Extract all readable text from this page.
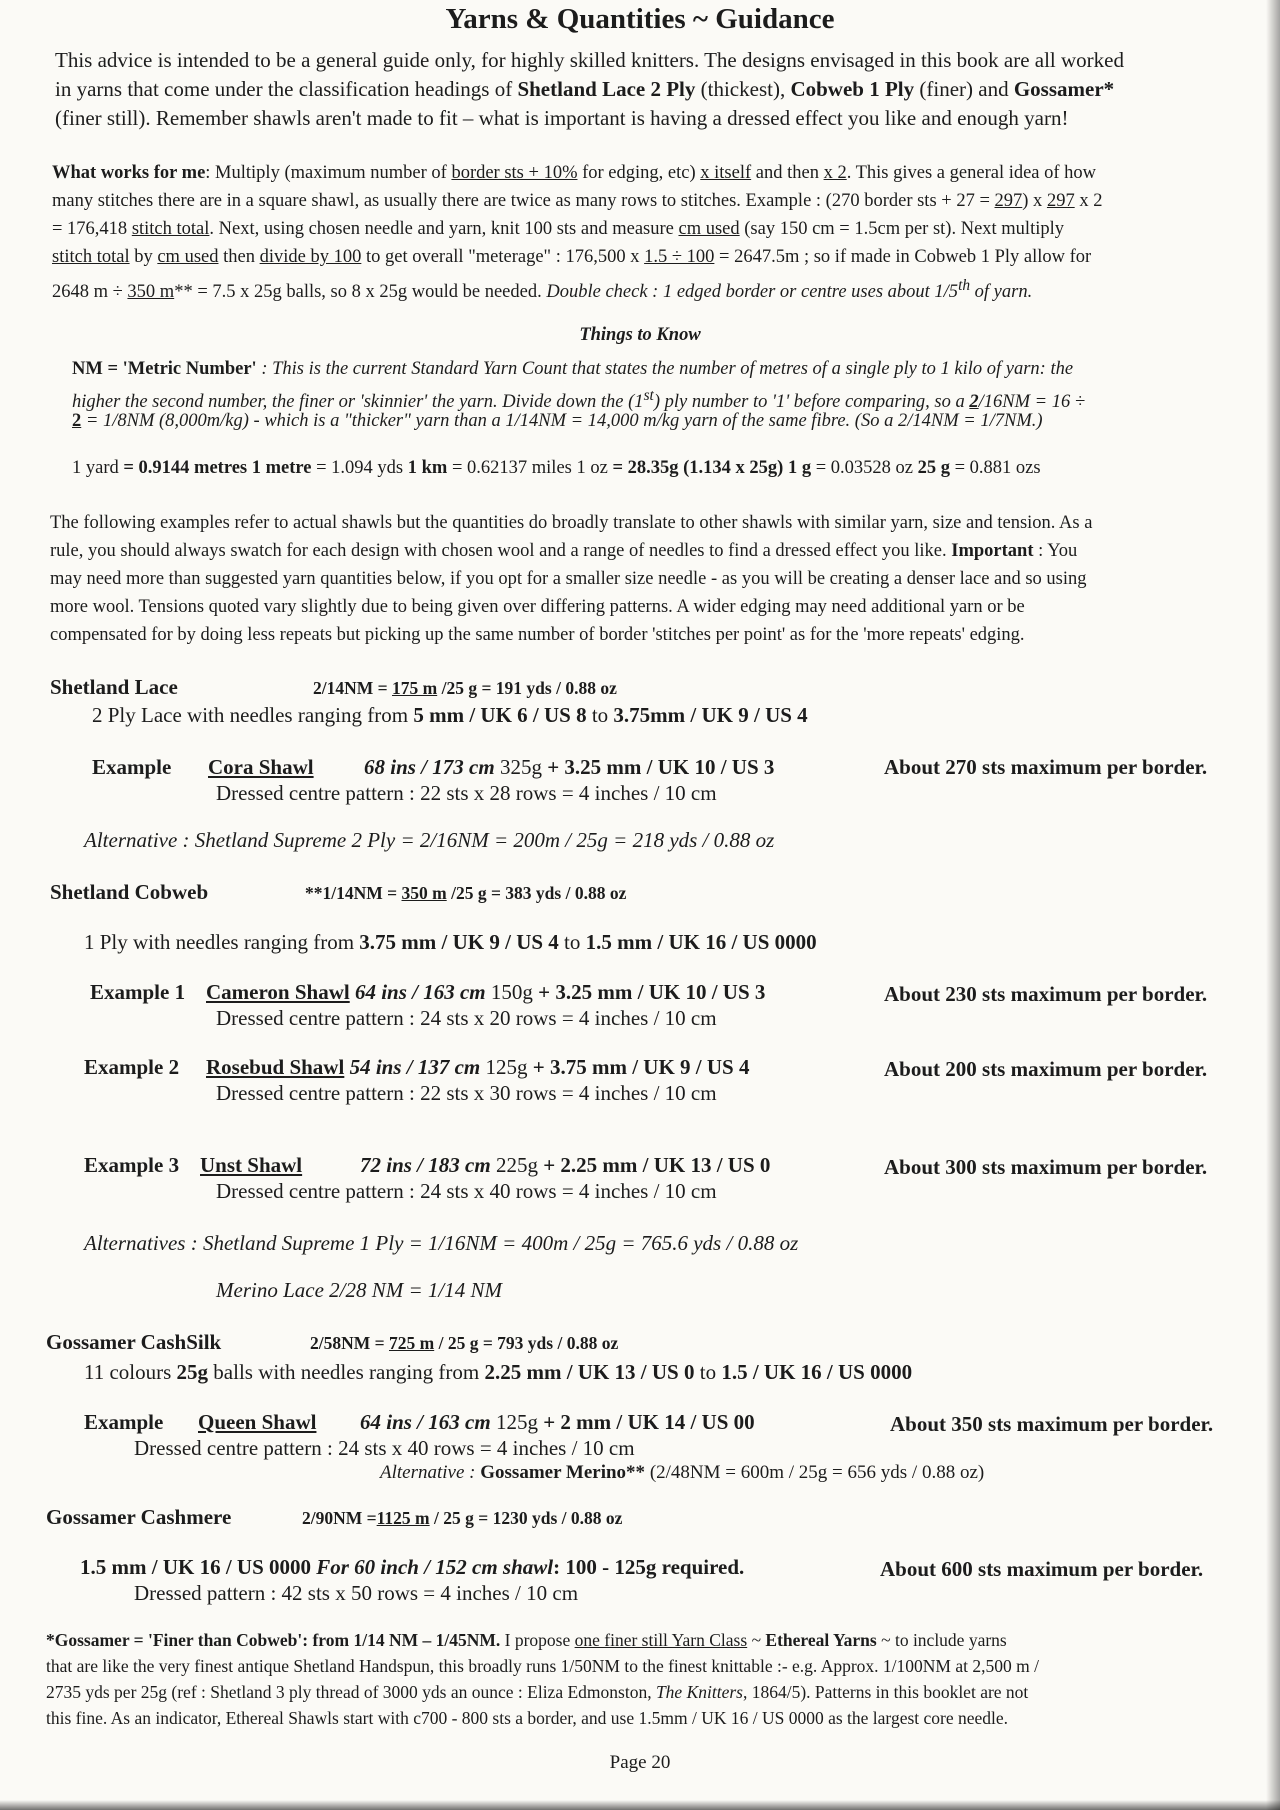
Yarns & Quantities ~ Guidance
This advice is intended to be a general guide only, for highly skilled knitters. The designs envisaged in this book are all worked
in yarns that come under the classification headings of Shetland Lace 2 Ply (thickest), Cobweb 1 Ply (finer) and Gossamer*
(finer still). Remember shawls aren't made to fit – what is important is having a dressed effect you like and enough yarn!
What works for me: Multiply (maximum number of border sts + 10% for edging, etc) x itself and then x 2. This gives a general idea of how
many stitches there are in a square shawl, as usually there are twice as many rows to stitches. Example : (270 border sts + 27 = 297) x 297 x 2
= 176,418 stitch total. Next, using chosen needle and yarn, knit 100 sts and measure cm used (say 150 cm = 1.5cm per st). Next multiply
stitch total by cm used then divide by 100 to get overall "meterage" : 176,500 x 1.5 ÷ 100 = 2647.5m ; so if made in Cobweb 1 Ply allow for
2648 m ÷ 350 m** = 7.5 x 25g balls, so 8 x 25g would be needed. Double check : 1 edged border or centre uses about 1/5th of yarn.
Things to Know
NM = 'Metric Number' : This is the current Standard Yarn Count that states the number of metres of a single ply to 1 kilo of yarn: the
higher the second number, the finer or 'skinnier' the yarn. Divide down the (1st) ply number to '1' before comparing, so a 2/16NM = 16 ÷
2 = 1/8NM (8,000m/kg) - which is a "thicker" yarn than a 1/14NM = 14,000 m/kg yarn of the same fibre. (So a 2/14NM = 1/7NM.)
1 yard = 0.9144 metres 1 metre = 1.094 yds 1 km = 0.62137 miles 1 oz = 28.35g (1.134 x 25g) 1 g = 0.03528 oz 25 g = 0.881 ozs
The following examples refer to actual shawls but the quantities do broadly translate to other shawls with similar yarn, size and tension. As a
rule, you should always swatch for each design with chosen wool and a range of needles to find a dressed effect you like. Important : You
may need more than suggested yarn quantities below, if you opt for a smaller size needle - as you will be creating a denser lace and so using
more wool. Tensions quoted vary slightly due to being given over differing patterns. A wider edging may need additional yarn or be
compensated for by doing less repeats but picking up the same number of border 'stitches per point' as for the 'more repeats' edging.
Shetland Lace	2/14NM = 175 m /25 g = 191 yds / 0.88 oz
2 Ply Lace with needles ranging from 5 mm / UK 6 / US 8 to 3.75mm / UK 9 / US 4
Example Cora Shawl 68 ins / 173 cm 325g + 3.25 mm / UK 10 / US 3	About 270 sts maximum per border.
Dressed centre pattern : 22 sts x 28 rows = 4 inches / 10 cm
Alternative : Shetland Supreme 2 Ply = 2/16NM = 200m / 25g = 218 yds / 0.88 oz
Shetland Cobweb	**1/14NM = 350 m /25 g = 383 yds / 0.88 oz
1 Ply with needles ranging from 3.75 mm / UK 9 / US 4 to 1.5 mm / UK 16 / US 0000
Example 1 Cameron Shawl 64 ins / 163 cm 150g + 3.25 mm / UK 10 / US 3	About 230 sts maximum per border.
Dressed centre pattern : 24 sts x 20 rows = 4 inches / 10 cm
Example 2 Rosebud Shawl 54 ins / 137 cm 125g + 3.75 mm / UK 9 / US 4	About 200 sts maximum per border.
Dressed centre pattern : 22 sts x 30 rows = 4 inches / 10 cm
Example 3 Unst Shawl	72 ins / 183 cm 225g + 2.25 mm / UK 13 / US 0	About 300 sts maximum per border.
Dressed centre pattern : 24 sts x 40 rows = 4 inches / 10 cm
Alternatives : Shetland Supreme 1 Ply = 1/16NM = 400m / 25g = 765.6 yds / 0.88 oz
Merino Lace 2/28 NM = 1/14 NM
Gossamer CashSilk	2/58NM = 725 m / 25 g = 793 yds / 0.88 oz
11 colours 25g balls with needles ranging from 2.25 mm / UK 13 / US 0 to 1.5 / UK 16 / US 0000
Example Queen Shawl 64 ins / 163 cm 125g + 2 mm / UK 14 / US 00	About 350 sts maximum per border.
Dressed centre pattern : 24 sts x 40 rows = 4 inches / 10 cm
Alternative : Gossamer Merino** (2/48NM = 600m / 25g = 656 yds / 0.88 oz)
Gossamer Cashmere	2/90NM =1125 m / 25 g = 1230 yds / 0.88 oz
1.5 mm / UK 16 / US 0000 For 60 inch / 152 cm shawl: 100 - 125g required.	About 600 sts maximum per border.
Dressed pattern : 42 sts x 50 rows = 4 inches / 10 cm
*Gossamer = 'Finer than Cobweb': from 1/14 NM – 1/45NM. I propose one finer still Yarn Class ~ Ethereal Yarns ~ to include yarns
that are like the very finest antique Shetland Handspun, this broadly runs 1/50NM to the finest knittable :- e.g. Approx. 1/100NM at 2,500 m /
2735 yds per 25g (ref : Shetland 3 ply thread of 3000 yds an ounce : Eliza Edmonston, The Knitters, 1864/5). Patterns in this booklet are not
this fine. As an indicator, Ethereal Shawls start with c700 - 800 sts a border, and use 1.5mm / UK 16 / US 0000 as the largest core needle.
Page 20
